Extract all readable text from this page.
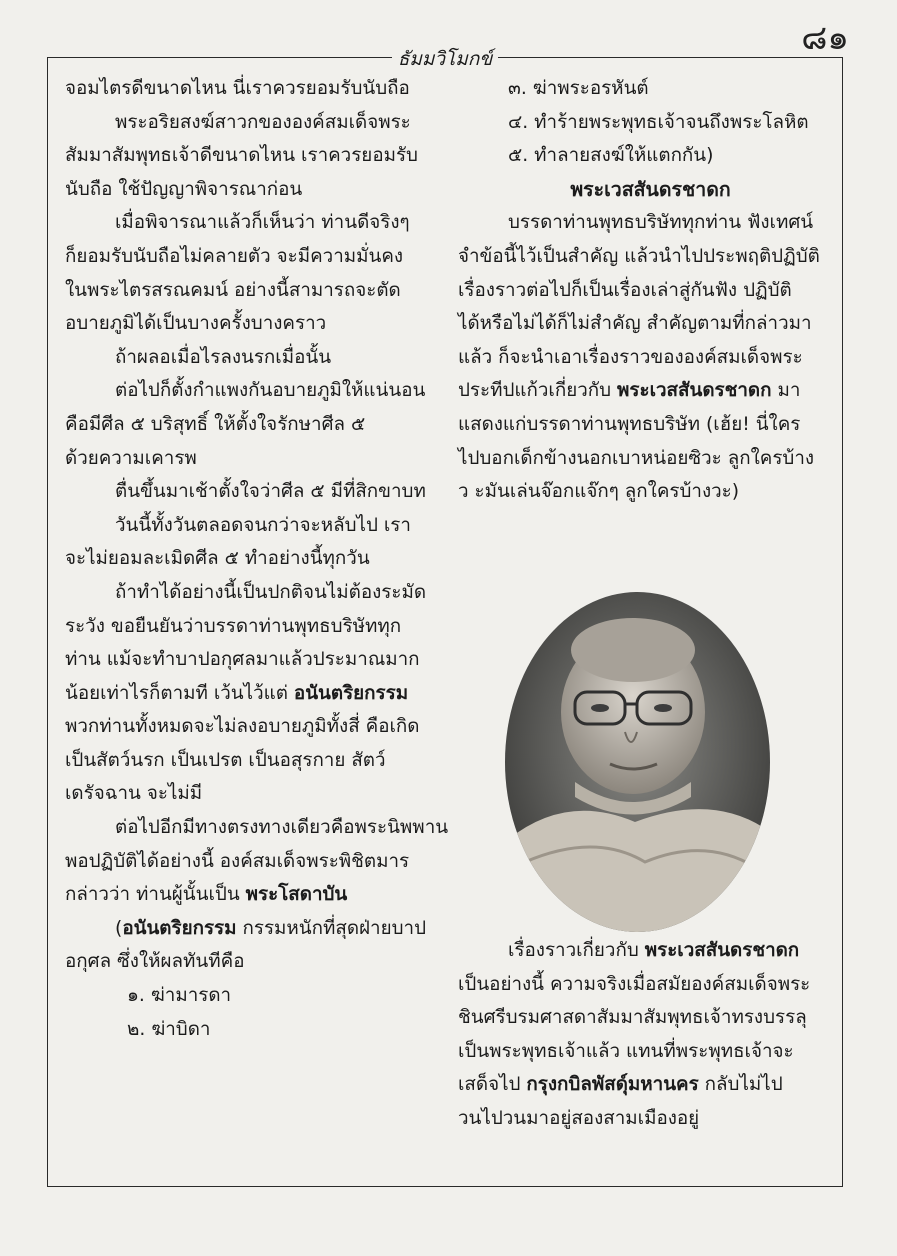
๘๑
ธัมมวิโมกข์
จอมไตรดีขนาดไหน นี่เราควรยอมรับนับถือ
พระอริยสงฆ์สาวกขององค์สมเด็จพระ
สัมมาสัมพุทธเจ้าดีขนาดไหน เราควรยอมรับ
นับถือ ใช้ปัญญาพิจารณาก่อน
เมื่อพิจารณาแล้วก็เห็นว่า ท่านดีจริงๆ
ก็ยอมรับนับถือไม่คลายตัว จะมีความมั่นคง
ในพระไตรสรณคมน์ อย่างนี้สามารถจะตัด
อบายภูมิได้เป็นบางครั้งบางคราว
ถ้าผลอเมื่อไรลงนรกเมื่อนั้น
ต่อไปก็ตั้งกำแพงกันอบายภูมิให้แน่นอน
คือมีศีล ๕ บริสุทธิ์ ให้ตั้งใจรักษาศีล ๕
ด้วยความเคารพ
ตื่นขึ้นมาเช้าตั้งใจว่าศีล ๕ มีที่สิกขาบท
วันนี้ทั้งวันตลอดจนกว่าจะหลับไป เรา
จะไม่ยอมละเมิดศีล ๕ ทำอย่างนี้ทุกวัน
ถ้าทำได้อย่างนี้เป็นปกติจนไม่ต้องระมัด
ระวัง ขอยืนยันว่าบรรดาท่านพุทธบริษัททุก
ท่าน แม้จะทำบาปอกุศลมาแล้วประมาณมาก
น้อยเท่าไรก็ตามที เว้นไว้แต่ อนันตริยกรรม
พวกท่านทั้งหมดจะไม่ลงอบายภูมิทั้งสี่ คือเกิด
เป็นสัตว์นรก เป็นเปรต เป็นอสุรกาย สัตว์
เดรัจฉาน จะไม่มี
ต่อไปอีกมีทางตรงทางเดียวคือพระนิพพาน
พอปฏิบัติได้อย่างนี้ องค์สมเด็จพระพิชิตมาร
กล่าวว่า ท่านผู้นั้นเป็น พระโสดาบัน
(อนันตริยกรรม กรรมหนักที่สุดฝ่ายบาป
อกุศล ซึ่งให้ผลทันทีคือ
๑. ฆ่ามารดา
๒. ฆ่าบิดา
๓. ฆ่าพระอรหันต์
๔. ทำร้ายพระพุทธเจ้าจนถึงพระโลหิต
๕. ทำลายสงฆ์ให้แตกกัน)
พระเวสสันดรชาดก
บรรดาท่านพุทธบริษัททุกท่าน ฟังเทศน์
จำข้อนี้ไว้เป็นสำคัญ แล้วนำไปประพฤติปฏิบัติ
เรื่องราวต่อไปก็เป็นเรื่องเล่าสู่กันฟัง ปฏิบัติ
ได้หรือไม่ได้ก็ไม่สำคัญ สำคัญตามที่กล่าวมา
แล้ว ก็จะนำเอาเรื่องราวขององค์สมเด็จพระ
ประทีปแก้วเกี่ยวกับ พระเวสสันดรชาดก มา
แสดงแก่บรรดาท่านพุทธบริษัท (เฮ้ย! นี่ใคร
ไปบอกเด็กข้างนอกเบาหน่อยซิวะ ลูกใครบ้าง
ว ะมันเล่นจ๊อกแจ๊กๆ ลูกใครบ้างวะ)
เรื่องราวเกี่ยวกับ พระเวสสันดรชาดก
เป็นอย่างนี้ ความจริงเมื่อสมัยองค์สมเด็จพระ
ชินศรีบรมศาสดาสัมมาสัมพุทธเจ้าทรงบรรลุ
เป็นพระพุทธเจ้าแล้ว แทนที่พระพุทธเจ้าจะ
เสด็จไป กรุงกบิลพัสดุ์มหานคร กลับไม่ไป
วนไปวนมาอยู่สองสามเมืองอยู่
